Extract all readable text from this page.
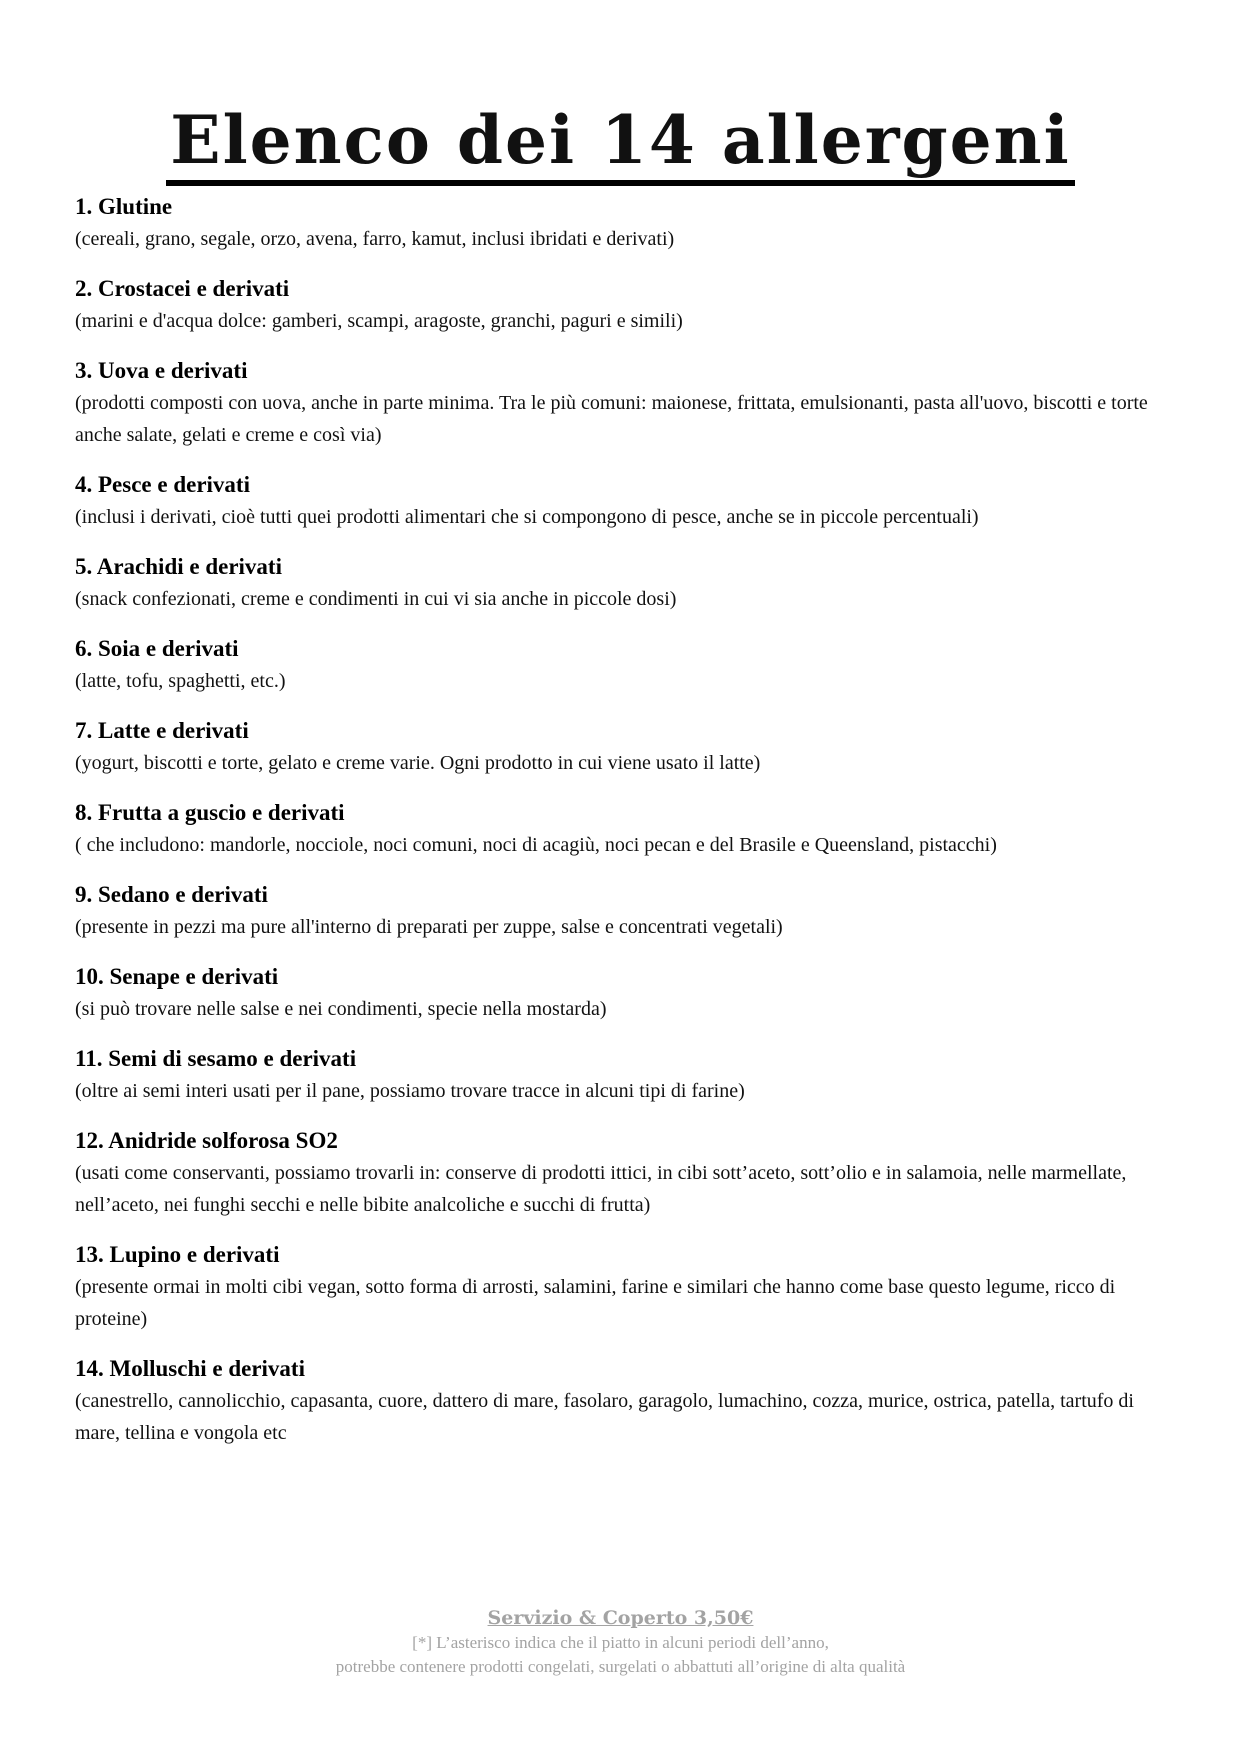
Elenco dei 14 allergeni
1. Glutine
(cereali, grano, segale, orzo, avena, farro, kamut, inclusi ibridati e derivati)
2. Crostacei e derivati
(marini e d'acqua dolce: gamberi, scampi, aragoste, granchi, paguri e simili)
3. Uova e derivati
(prodotti composti con uova, anche in parte minima. Tra le più comuni: maionese, frittata, emulsionanti, pasta all'uovo, biscotti e torte anche salate, gelati e creme e così via)
4. Pesce e derivati
(inclusi i derivati, cioè tutti quei prodotti alimentari che si compongono di pesce, anche se in piccole percentuali)
5. Arachidi e derivati
(snack confezionati, creme e condimenti in cui vi sia anche in piccole dosi)
6. Soia e derivati
(latte, tofu, spaghetti, etc.)
7. Latte e derivati
(yogurt, biscotti e torte, gelato e creme varie. Ogni prodotto in cui viene usato il latte)
8. Frutta a guscio e derivati
( che includono: mandorle, nocciole, noci comuni, noci di acagiù, noci pecan e del Brasile e Queensland, pistacchi)
9. Sedano e derivati
(presente in pezzi ma pure all'interno di preparati per zuppe, salse e concentrati vegetali)
10. Senape e derivati
(si può trovare nelle salse e nei condimenti, specie nella mostarda)
11. Semi di sesamo e derivati
(oltre ai semi interi usati per il pane, possiamo trovare tracce in alcuni tipi di farine)
12. Anidride solforosa SO2
(usati come conservanti, possiamo trovarli in: conserve di prodotti ittici, in cibi sott’aceto, sott’olio e in salamoia, nelle marmellate, nell’aceto, nei funghi secchi e nelle bibite analcoliche e succhi di frutta)
13. Lupino e derivati
(presente ormai in molti cibi vegan, sotto forma di arrosti, salamini, farine e similari che hanno come base questo legume, ricco di proteine)
14. Molluschi e derivati
(canestrello, cannolicchio, capasanta, cuore, dattero di mare, fasolaro, garagolo, lumachino, cozza, murice, ostrica, patella, tartufo di mare, tellina e vongola etc
Servizio & Coperto 3,50€
[*] L’asterisco indica che il piatto in alcuni periodi dell’anno,
potrebbe contenere prodotti congelati, surgelati o abbattuti all’origine di alta qualità
